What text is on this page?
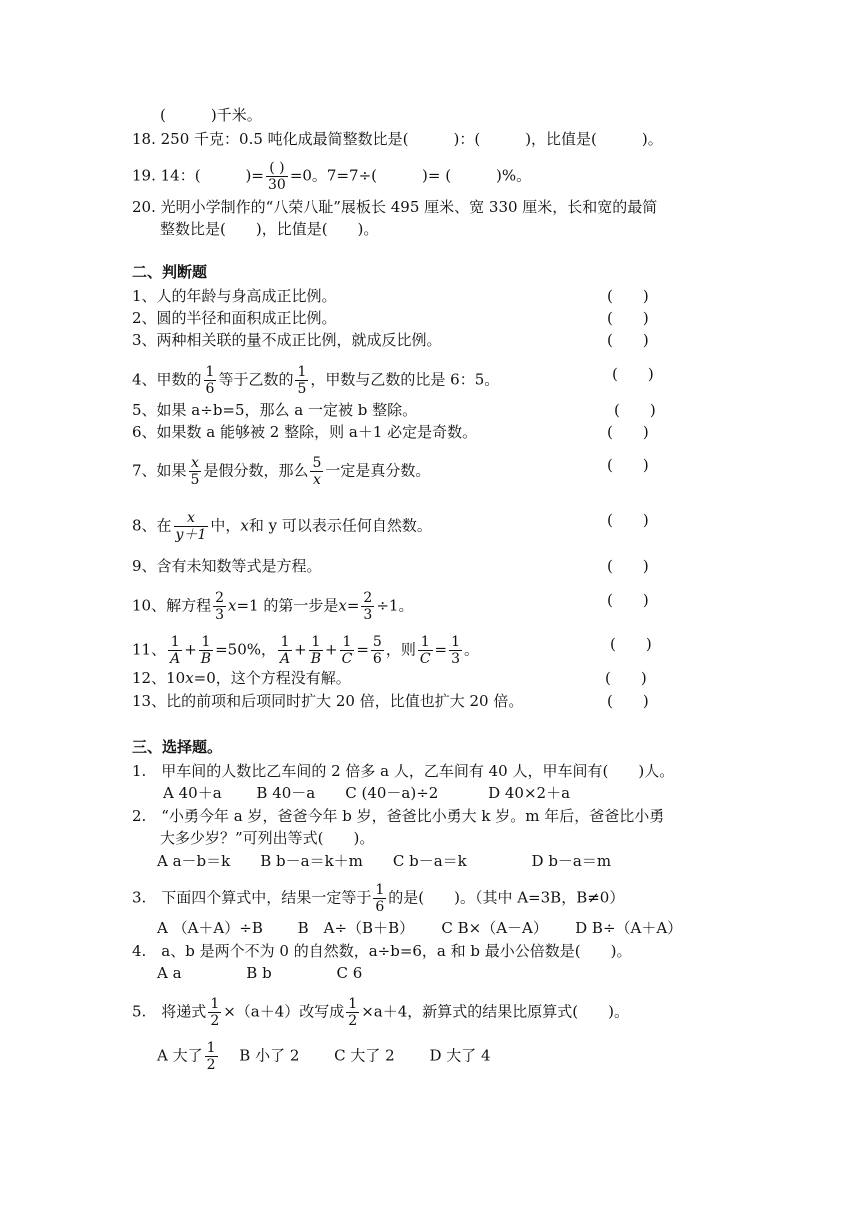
(　　　)千米。
18. 250 千克：0.5 吨化成最简整数比是(　　　)：(　　　)，比值是(　　　)。
19. 14：(　　　)= $\frac{( )}{30} =0$。7=7÷(　　　)= (　　　)%。
20. 光明小学制作的“八荣八耻”展板长 495 厘米、宽 330 厘米，长和宽的最简
整数比是(　　)，比值是(　　)。
二、判断题
1、人的年龄与身高成正比例。	(　　)
2、圆的半径和面积成正比例。	(　　)
3、两种相关联的量不成正比例，就成反比例。	(　　)
4、甲数的 $\frac{1}{6}$ 等于乙数的 $\frac{1}{5}$ ，甲数与乙数的比是 6：5。	(　　)
5、如果 a÷b=5，那么 a 一定被 b 整除。	(　　)
6、如果数 a 能够被 2 整除，则 a＋1 必定是奇数。	(　　)
7、如果 $\frac{x}{5}$ 是假分数，那么 $\frac{5}{x}$ 一定是真分数。	(　　)
8、在 $\frac{x}{y+1}$ 中，x和 y 可以表示任何自然数。	(　　)
9、含有未知数等式是方程。	(　　)
10、解方程 $\frac{2}{3} x=1$ 的第一步是$x= \frac{2}{3} \div 1$。	(　　)
11、 $\frac{1}{A} + \frac{1}{B} =50\%$， $\frac{1}{A} + \frac{1}{B} + \frac{1}{C} = \frac{5}{6}$ ，则 $\frac{1}{C} = \frac{1}{3}$ 。	(　　)
12、10x=0，这个方程没有解。	(　　)
13、比的前项和后项同时扩大 20 倍，比值也扩大 20 倍。	(　　)
三、选择题。
1.　甲车间的人数比乙车间的 2 倍多 a 人，乙车间有 40 人，甲车间有(　　)人。
A 40＋a　　 B 40－a　　C (40－a)÷2　　　 D 40×2＋a
2.　“小勇今年 a 岁，爸爸今年 b 岁，爸爸比小勇大 k 岁。m 年后，爸爸比小勇
大多少岁？”可列出等式(　　)。
A a－b＝k　　B b－a＝k＋m　　C b－a＝k　　　　 D b－a＝m
3.　下面四个算式中，结果一定等于 $\frac{1}{6}$ 的是(　　)。（其中 A=3B，B≠0）
A （A＋A）÷B　　 B　A÷（B＋B）　　 C B×（A－A）　　 D B÷（A＋A）
4.　a、b 是两个不为 0 的自然数，a÷b=6，a 和 b 最小公倍数是(　　)。
A a　　　　 B b　　　　 C 6
5.　将递式 $\frac{1}{2} \times(a+4)$改写成 $\frac{1}{2} \times a+4$，新算式的结果比原算式(　　)。
A 大了 $\frac{1}{2}$ 　 B 小了 2　　 C 大了 2　　 D 大了 4
